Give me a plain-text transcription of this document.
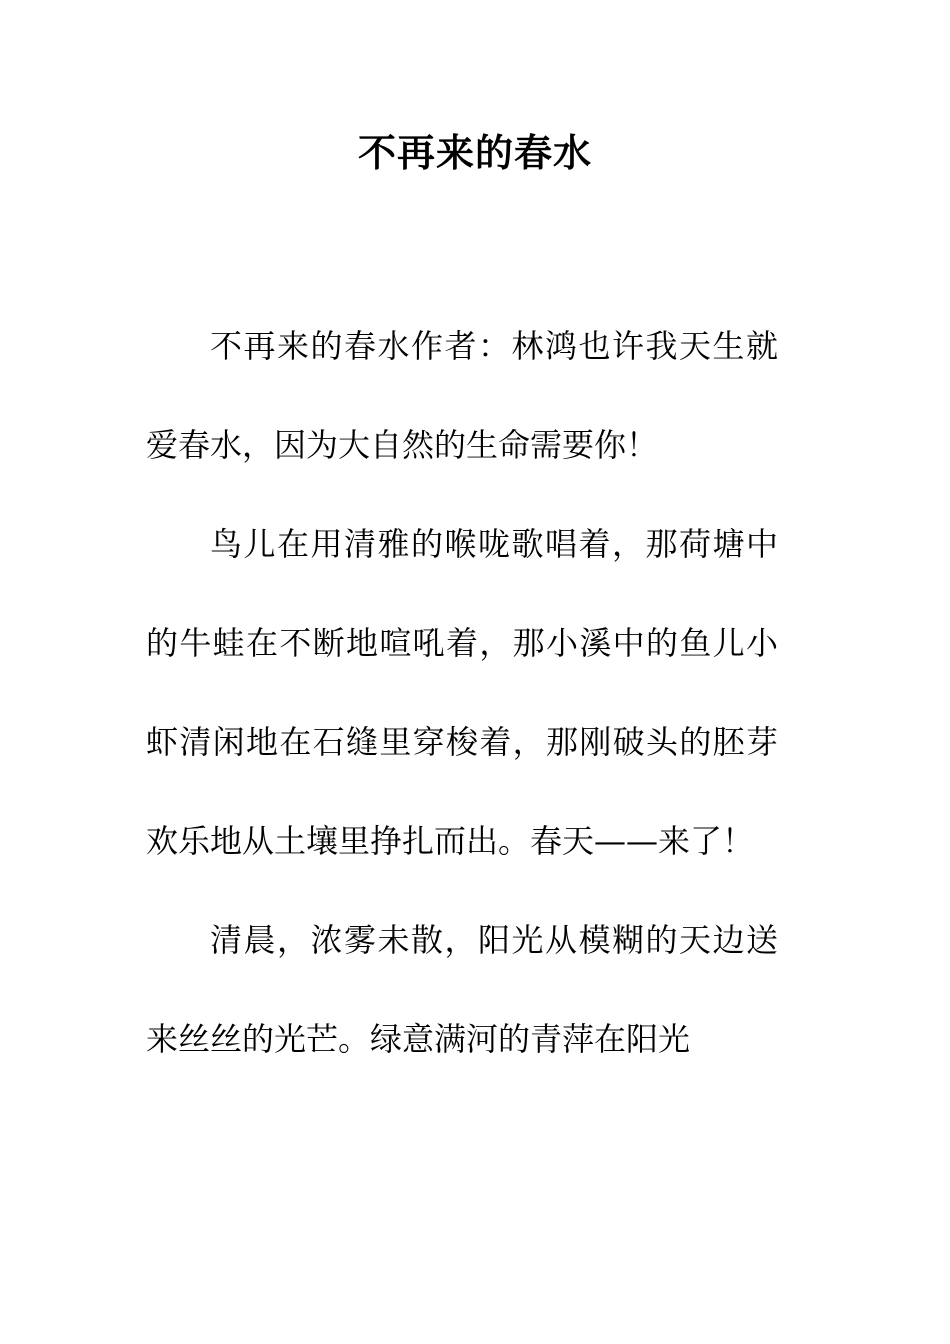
不再来的春水

不再来的春水作者：林鸿也许我天生就爱春水，因为大自然的生命需要你！

鸟儿在用清雅的喉咙歌唱着，那荷塘中的牛蛙在不断地喧吼着，那小溪中的鱼儿小虾清闲地在石缝里穿梭着，那刚破头的胚芽欢乐地从土壤里挣扎而出。春天——来了！

清晨，浓雾未散，阳光从模糊的天边送来丝丝的光芒。绿意满河的青萍在阳光
